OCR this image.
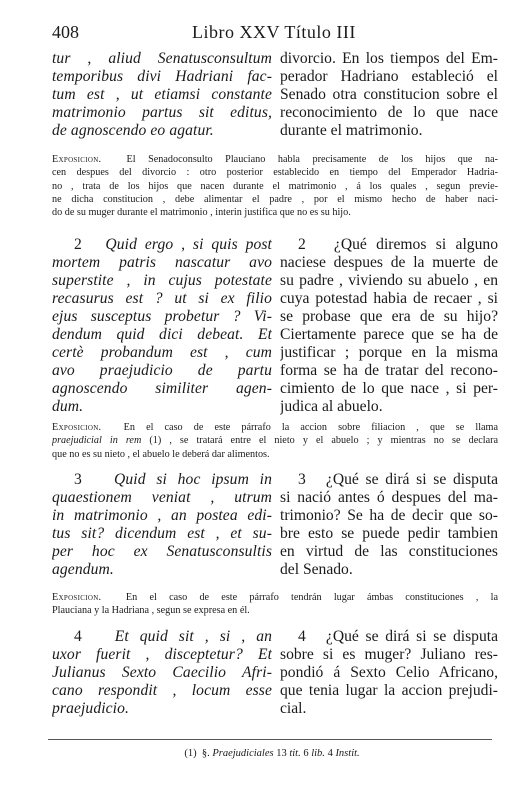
408	Libro XXV Título III
tur , aliud Senatusconsultum
temporibus divi Hadriani fac-
tum est , ut etiamsi constante
matrimonio partus sit editus,
de agnoscendo eo agatur.
divorcio. En los tiempos del Em-
perador Hadriano estableció el
Senado otra constitucion sobre el
reconocimiento de lo que nace
durante el matrimonio.
Exposicion. El Senadoconsulto Plauciano habla precisamente de los hijos que na-
cen despues del divorcio : otro posterior establecido en tiempo del Emperador Hadria-
no , trata de los hijos que nacen durante el matrimonio , á los quales , segun previe-
ne dicha constitucion , debe alimentar el padre , por el mismo hecho de haber naci-
do de su muger durante el matrimonio , interin justifica que no es su hijo.
2 Quid ergo , si quis post
mortem patris nascatur avo
superstite , in cujus potestate
recasurus est ? ut si ex filio
ejus susceptus probetur ? Vi-
dendum quid dici debeat. Et
certè probandum est , cum
avo praejudicio de partu
agnoscendo similiter agen-
dum.
2 ¿Qué diremos si alguno
naciese despues de la muerte de
su padre , viviendo su abuelo , en
cuya potestad habia de recaer , si
se probase que era de su hijo?
Ciertamente parece que se ha de
justificar ; porque en la misma
forma se ha de tratar del recono-
cimiento de lo que nace , si per-
judica al abuelo.
Exposicion. En el caso de este párrafo la accion sobre filiacion , que se llama
praejudicial in rem (1) , se tratará entre el nieto y el abuelo ; y mientras no se declara
que no es su nieto , el abuelo le deberá dar alimentos.
3 Quid si hoc ipsum in
quaestionem veniat , utrum
in matrimonio , an postea edi-
tus sit? dicendum est , et su-
per hoc ex Senatusconsultis
agendum.
3 ¿Qué se dirá si se disputa
si nació antes ó despues del ma-
trimonio? Se ha de decir que so-
bre esto se puede pedir tambien
en virtud de las constituciones
del Senado.
Exposicion. En el caso de este párrafo tendrán lugar ámbas constituciones , la
Plauciana y la Hadriana , segun se expresa en él.
4 Et quid sit , si , an
uxor fuerit , disceptetur? Et
Julianus Sexto Caecilio Afri-
cano respondit , locum esse
praejudicio.
4 ¿Qué se dirá si se disputa
sobre si es muger? Juliano res-
pondió á Sexto Celio Africano,
que tenia lugar la accion prejudi-
cial.
(1) §. Praejudiciales 13 tit. 6 lib. 4 Instit.
